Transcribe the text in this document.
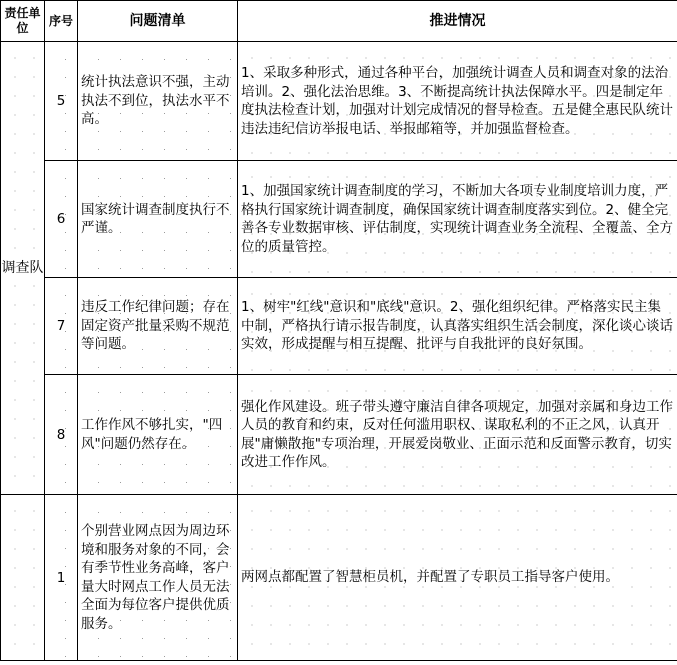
责任单位	序号	问题清单	推进情况
调查队	5	统计执法意识不强，主动执法不到位，执法水平不高。	1、采取多种形式，通过各种平台，加强统计调查人员和调查对象的法治培训。2、强化法治思维。3、不断提高统计执法保障水平。四是制定年度执法检查计划，加强对计划完成情况的督导检查。五是健全惠民队统计违法违纪信访举报电话、举报邮箱等，并加强监督检查。

	6	国家统计调查制度执行不严谨。	1、加强国家统计调查制度的学习，不断加大各项专业制度培训力度，严格执行国家统计调查制度，确保国家统计调查制度落实到位。2、健全完善各专业数据审核、评估制度，实现统计调查业务全流程、全覆盖、全方位的质量管控。

	7	违反工作纪律问题；存在固定资产批量采购不规范等问题。	1、树牢"红线"意识和"底线"意识。2、强化组织纪律。严格落实民主集中制，严格执行请示报告制度，认真落实组织生活会制度，深化谈心谈话实效，形成提醒与相互提醒、批评与自我批评的良好氛围。

	8	工作作风不够扎实，"四风"问题仍然存在。	强化作风建设。班子带头遵守廉洁自律各项规定，加强对亲属和身边工作人员的教育和约束，反对任何滥用职权、谋取私利的不正之风，认真开展"庸懒散拖"专项治理，开展爱岗敬业、正面示范和反面警示教育，切实改进工作作风。

	1	个别营业网点因为周边环境和服务对象的不同，会有季节性业务高峰，客户量大时网点工作人员无法全面为每位客户提供优质服务。	两网点都配置了智慧柜员机，并配置了专职员工指导客户使用。
